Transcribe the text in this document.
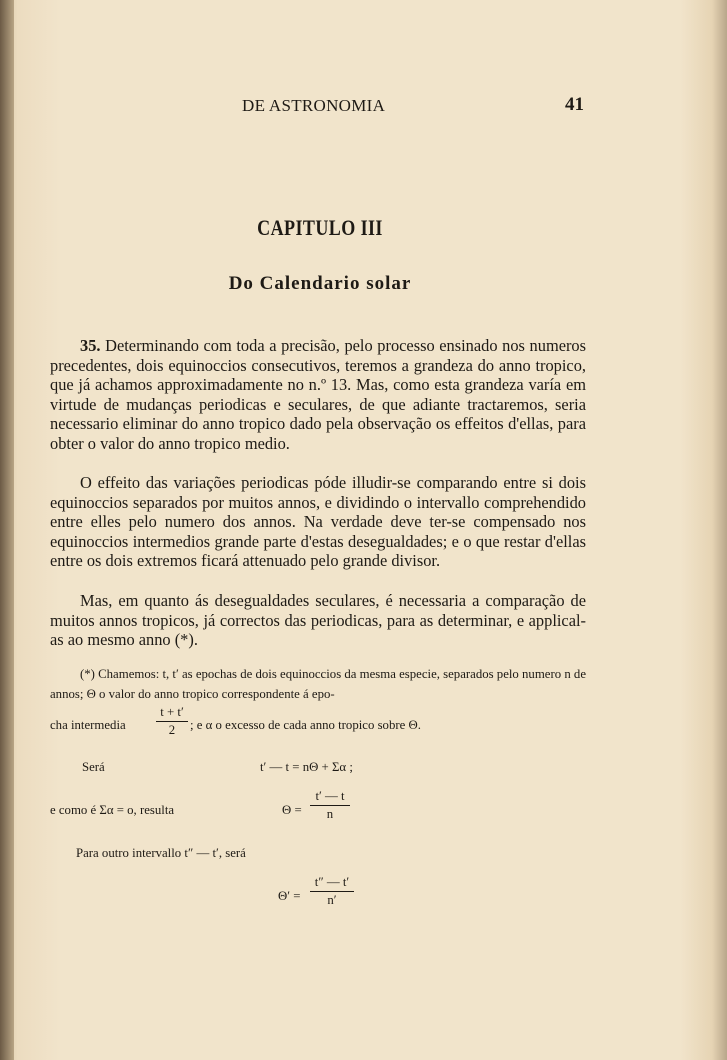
DE ASTRONOMIA	41
CAPITULO III
Do Calendario solar
35. Determinando com toda a precisão, pelo processo ensinado nos numeros precedentes, dois equinoccios consecutivos, teremos a grandeza do anno tropico, que já achamos approximadamente no n.º 13. Mas, como esta grandeza varía em virtude de mudanças periodicas e seculares, de que adiante tractaremos, seria necessario eliminar do anno tropico dado pela observação os effeitos d'ellas, para obter o valor do anno tropico medio.
O effeito das variações periodicas póde illudir-se comparando entre si dois equinoccios separados por muitos annos, e dividindo o intervallo comprehendido entre elles pelo numero dos annos. Na verdade deve ter-se compensado nos equinoccios intermedios grande parte d'estas desegualdades; e o que restar d'ellas entre os dois extremos ficará attenuado pelo grande divisor.
Mas, em quanto ás desegualdades seculares, é necessaria a comparação de muitos annos tropicos, já correctos das periodicas, para as determinar, e applical-as ao mesmo anno (*).
(*) Chamemos: t, t′ as epochas de dois equinoccios da mesma especie, separados pelo numero n de annos; Θ o valor do anno tropico correspondente á epo-
cha intermedia
t + t′
2	; e α o excesso de cada anno tropico sobre Θ.
Será	t′ — t = nΘ + Σα ;
e como é Σα = o, resulta	Θ =
t′ — t
n
Para outro intervallo t″ — t′, será
Θ′ =
t″ — t′
n′
